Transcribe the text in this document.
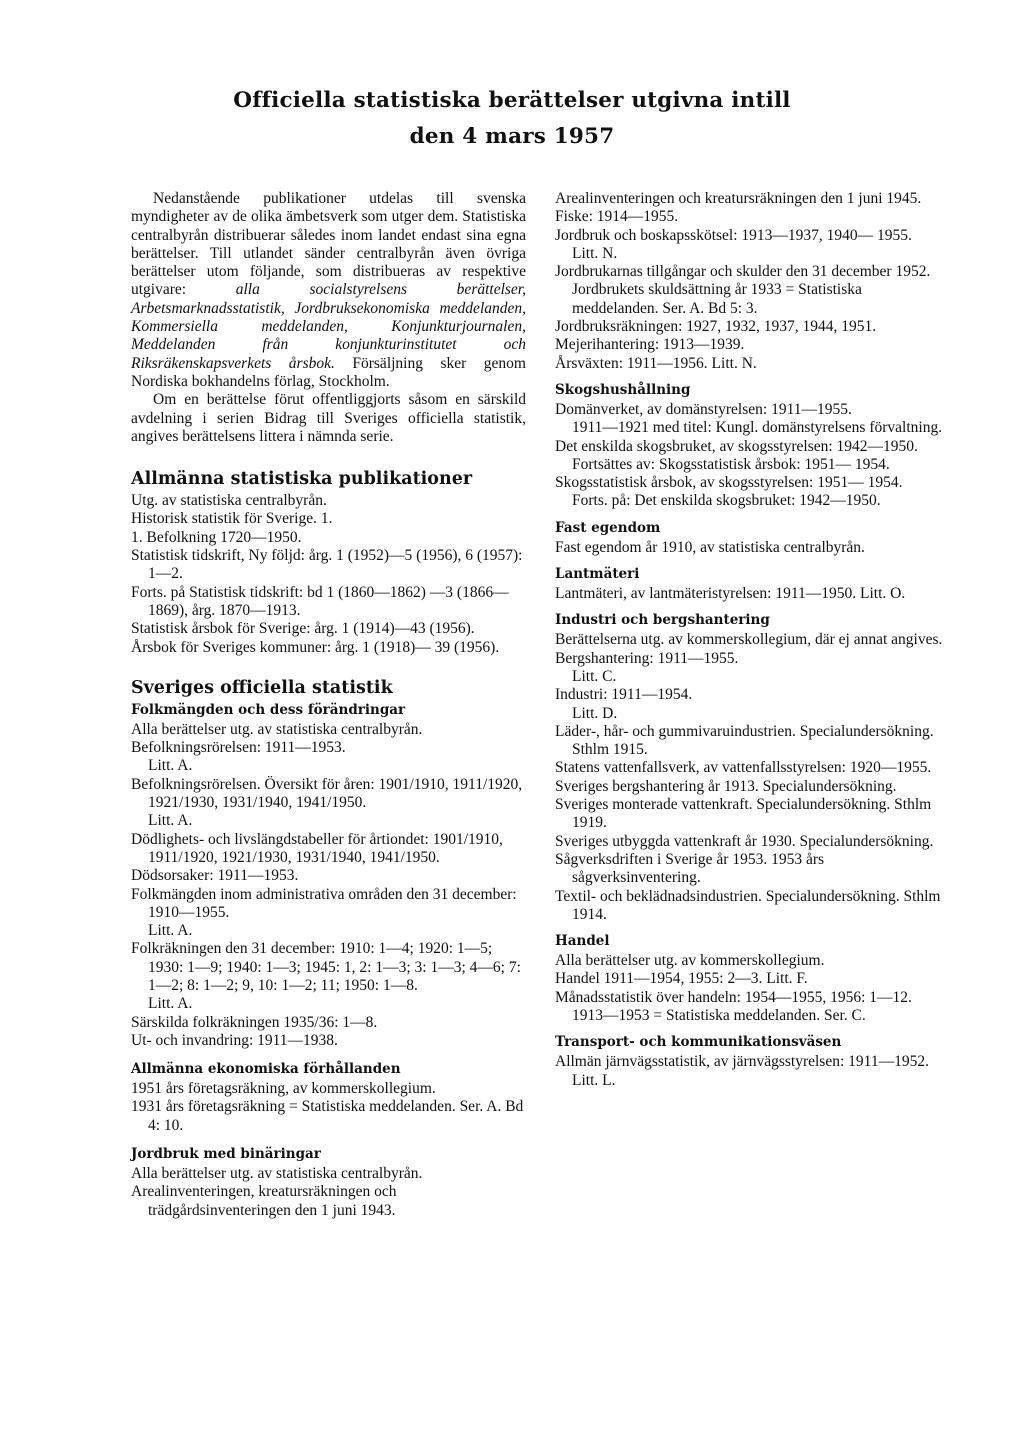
Officiella statistiska berättelser utgivna intill
den 4 mars 1957

Nedanstående publikationer utdelas till svenska myndigheter av de olika ämbetsverk som utger dem. Statistiska centralbyrån distribuerar således inom landet endast sina egna berättelser. Till utlandet sänder centralbyrån även övriga berättelser utom följande, som distribueras av respektive utgivare: alla socialstyrelsens berättelser, Arbetsmarknadsstatistik, Jordbruksekonomiska meddelanden, Kommersiella meddelanden, Konjunkturjournalen, Meddelanden från konjunkturinstitutet och Riksräkenskapsverkets årsbok. Försäljning sker genom Nordiska bokhandelns förlag, Stockholm.

Om en berättelse förut offentliggjorts såsom en särskild avdelning i serien Bidrag till Sveriges officiella statistik, angives berättelsens littera i nämnda serie.

Allmänna statistiska publikationer

Utg. av statistiska centralbyrån.

Historisk statistik för Sverige. 1.

1. Befolkning 1720—1950.

Statistisk tidskrift, Ny följd: årg. 1 (1952)—5 (1956), 6 (1957): 1—2.

Forts. på Statistisk tidskrift: bd 1 (1860—1862) —3 (1866—1869), årg. 1870—1913.

Statistisk årsbok för Sverige: årg. 1 (1914)—43 (1956).

Årsbok för Sveriges kommuner: årg. 1 (1918)— 39 (1956).

Sveriges officiella statistik
Folkmängden och dess förändringar

Alla berättelser utg. av statistiska centralbyrån.

Befolkningsrörelsen: 1911—1953.

Litt. A.

Befolkningsrörelsen. Översikt för åren: 1901/1910, 1911/1920, 1921/1930, 1931/1940, 1941/1950.

Litt. A.

Dödlighets- och livslängdstabeller för årtiondet: 1901/1910, 1911/1920, 1921/1930, 1931/1940, 1941/1950.

Dödsorsaker: 1911—1953.

Folkmängden inom administrativa områden den 31 december: 1910—1955.

Litt. A.

Folkräkningen den 31 december: 1910: 1—4; 1920: 1—5; 1930: 1—9; 1940: 1—3; 1945: 1, 2: 1—3; 3: 1—3; 4—6; 7: 1—2; 8: 1—2; 9, 10: 1—2; 11; 1950: 1—8.

Litt. A.

Särskilda folkräkningen 1935/36: 1—8.

Ut- och invandring: 1911—1938.

Allmänna ekonomiska förhållanden

1951 års företagsräkning, av kommerskollegium.

1931 års företagsräkning = Statistiska meddelanden. Ser. A. Bd 4: 10.

Jordbruk med binäringar

Alla berättelser utg. av statistiska centralbyrån.

Arealinventeringen, kreatursräkningen och trädgårdsinventeringen den 1 juni 1943.

Arealinventeringen och kreatursräkningen den 1 juni 1945.

Fiske: 1914—1955.

Jordbruk och boskapsskötsel: 1913—1937, 1940— 1955.

Litt. N.

Jordbrukarnas tillgångar och skulder den 31 december 1952.

Jordbrukets skuldsättning år 1933 = Statistiska meddelanden. Ser. A. Bd 5: 3.

Jordbruksräkningen: 1927, 1932, 1937, 1944, 1951.

Mejerihantering: 1913—1939.

Årsväxten: 1911—1956. Litt. N.

Skogshushållning

Domänverket, av domänstyrelsen: 1911—1955.

1911—1921 med titel: Kungl. domänstyrelsens förvaltning.

Det enskilda skogsbruket, av skogsstyrelsen: 1942—1950.

Fortsättes av: Skogsstatistisk årsbok: 1951— 1954.

Skogsstatistisk årsbok, av skogsstyrelsen: 1951— 1954.

Forts. på: Det enskilda skogsbruket: 1942—1950.

Fast egendom

Fast egendom år 1910, av statistiska centralbyrån.

Lantmäteri

Lantmäteri, av lantmäteristyrelsen: 1911—1950. Litt. O.

Industri och bergshantering

Berättelserna utg. av kommerskollegium, där ej annat angives.

Bergshantering: 1911—1955.

Litt. C.

Industri: 1911—1954.

Litt. D.

Läder-, hår- och gummivaruindustrien. Specialundersökning. Sthlm 1915.

Statens vattenfallsverk, av vattenfallsstyrelsen: 1920—1955.

Sveriges bergshantering år 1913. Specialundersökning.

Sveriges monterade vattenkraft. Specialundersökning. Sthlm 1919.

Sveriges utbyggda vattenkraft år 1930. Specialundersökning.

Sågverksdriften i Sverige år 1953. 1953 års sågverksinventering.

Textil- och beklädnadsindustrien. Specialundersökning. Sthlm 1914.

Handel

Alla berättelser utg. av kommerskollegium.

Handel 1911—1954, 1955: 2—3. Litt. F.

Månadsstatistik över handeln: 1954—1955, 1956: 1—12. 1913—1953 = Statistiska meddelanden. Ser. C.

Transport- och kommunikationsväsen

Allmän järnvägsstatistik, av järnvägsstyrelsen: 1911—1952.

Litt. L.
